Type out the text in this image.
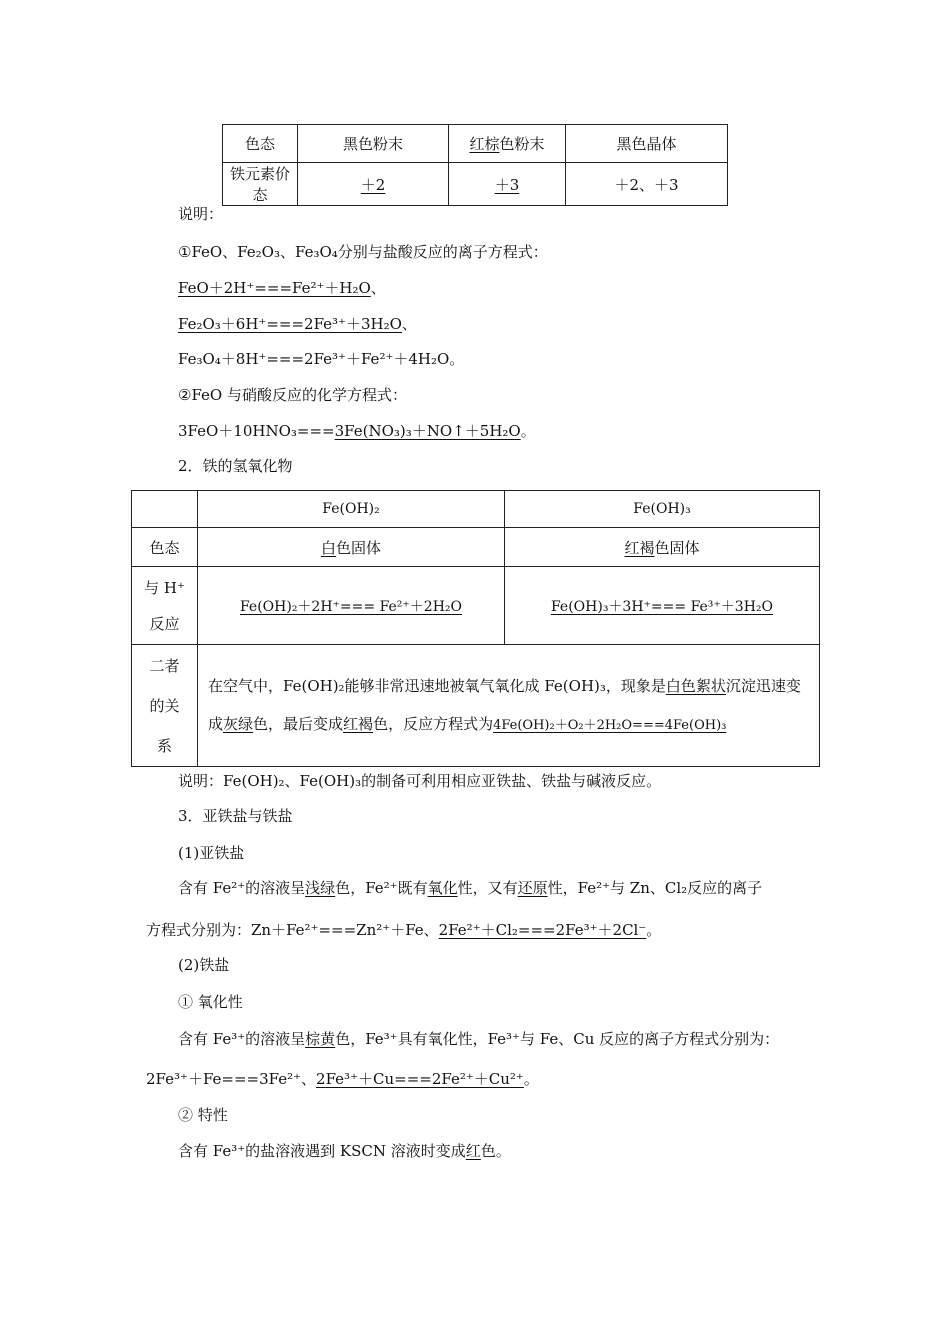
色态	黑色粉末	红棕色粉末	黑色晶体
铁元素价态	＋2	＋3	＋2、＋3
说明：
①FeO、Fe₂O₃、Fe₃O₄分别与盐酸反应的离子方程式：
FeO＋2H⁺===Fe²⁺＋H₂O、
Fe₂O₃＋6H⁺===2Fe³⁺＋3H₂O、
Fe₃O₄＋8H⁺===2Fe³⁺＋Fe²⁺＋4H₂O。
②FeO 与硝酸反应的化学方程式：
3FeO＋10HNO₃===3Fe(NO₃)₃＋NO↑＋5H₂O。
2．铁的氢氧化物
	Fe(OH)₂	Fe(OH)₃
色态	白色固体	红褐色固体

与 H⁺
反应	Fe(OH)₂＋2H⁺=== Fe²⁺＋2H₂O	Fe(OH)₃＋3H⁺=== Fe³⁺＋3H₂O

二者
的关
系	在空气中，Fe(OH)₂能够非常迅速地被氧气氧化成 Fe(OH)₃，现象是白色絮状沉淀迅速变成灰绿色，最后变成红褐色，反应方程式为4Fe(OH)₂＋O₂＋2H₂O===4Fe(OH)₃	
说明：Fe(OH)₂、Fe(OH)₃的制备可利用相应亚铁盐、铁盐与碱液反应。
3．亚铁盐与铁盐
(1)亚铁盐
含有 Fe²⁺的溶液呈浅绿色，Fe²⁺既有氧化性，又有还原性，Fe²⁺与 Zn、Cl₂反应的离子
方程式分别为：Zn＋Fe²⁺===Zn²⁺＋Fe、2Fe²⁺＋Cl₂===2Fe³⁺＋2Cl⁻。
(2)铁盐
① 氧化性
含有 Fe³⁺的溶液呈棕黄色，Fe³⁺具有氧化性，Fe³⁺与 Fe、Cu 反应的离子方程式分别为：
2Fe³⁺＋Fe===3Fe²⁺、2Fe³⁺＋Cu===2Fe²⁺＋Cu²⁺。
② 特性
含有 Fe³⁺的盐溶液遇到 KSCN 溶液时变成红色。
